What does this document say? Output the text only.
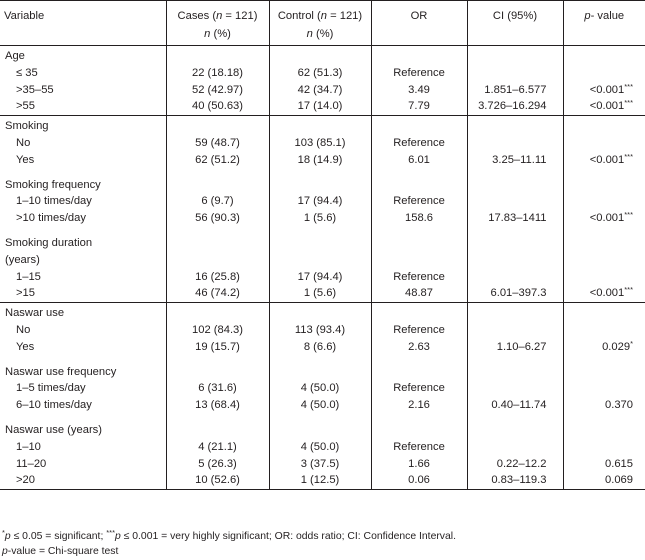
Variable	Cases (n = 121)	Control (n = 121)	OR	CI (95%)	p- value
	n (%)	n (%)			
Age					
≤ 35	22 (18.18)	62 (51.3)	Reference		
>35–55	52 (42.97)	42 (34.7)	3.49	1.851–6.577	<0.001***
>55	40 (50.63)	17 (14.0)	7.79	3.726–16.294	<0.001***
Smoking					
No	59 (48.7)	103 (85.1)	Reference		
Yes	62 (51.2)	18 (14.9)	6.01	3.25–11.11	<0.001***

Smoking frequency					
1–10 times/day	6 (9.7)	17 (94.4)	Reference		
>10 times/day	56 (90.3)	1 (5.6)	158.6	17.83–1411	<0.001***

Smoking duration					
(years)					
1–15	16 (25.8)	17 (94.4)	Reference		
>15	46 (74.2)	1 (5.6)	48.87	6.01–397.3	<0.001***
Naswar use					
No	102 (84.3)	113 (93.4)	Reference		
Yes	19 (15.7)	8 (6.6)	2.63	1.10–6.27	0.029*

Naswar use frequency					
1–5 times/day	6 (31.6)	4 (50.0)	Reference		
6–10 times/day	13 (68.4)	4 (50.0)	2.16	0.40–11.74	0.370

Naswar use (years)					
1–10	4 (21.1)	4 (50.0)	Reference		
11–20	5 (26.3)	3 (37.5)	1.66	0.22–12.2	0.615
>20	10 (52.6)	1 (12.5)	0.06	0.83–119.3	0.069
*p ≤ 0.05 = significant; ***p ≤ 0.001 = very highly significant; OR: odds ratio; CI: Confidence Interval.
p-value = Chi-square test
